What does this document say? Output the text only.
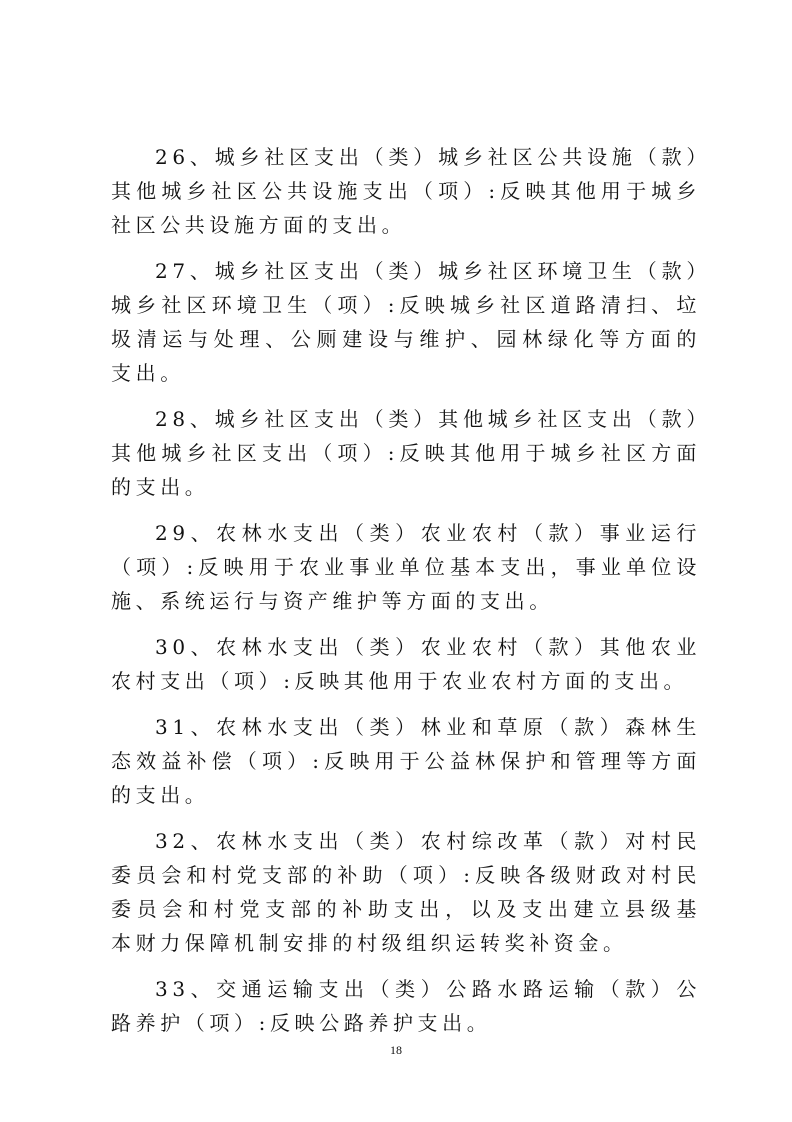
26、城乡社区支出（类）城乡社区公共设施（款）其他城乡社区公共设施支出（项）:反映其他用于城乡社区公共设施方面的支出。

27、城乡社区支出（类）城乡社区环境卫生（款）城乡社区环境卫生（项）:反映城乡社区道路清扫、垃圾清运与处理、公厕建设与维护、园林绿化等方面的支出。

28、城乡社区支出（类）其他城乡社区支出（款）其他城乡社区支出（项）:反映其他用于城乡社区方面的支出。

29、农林水支出（类）农业农村（款）事业运行（项）:反映用于农业事业单位基本支出，事业单位设施、系统运行与资产维护等方面的支出。

30、农林水支出（类）农业农村（款）其他农业农村支出（项）:反映其他用于农业农村方面的支出。

31、农林水支出（类）林业和草原（款）森林生态效益补偿（项）:反映用于公益林保护和管理等方面的支出。

32、农林水支出（类）农村综改革（款）对村民委员会和村党支部的补助（项）:反映各级财政对村民委员会和村党支部的补助支出，以及支出建立县级基本财力保障机制安排的村级组织运转奖补资金。

33、交通运输支出（类）公路水路运输（款）公路养护（项）:反映公路养护支出。

18
